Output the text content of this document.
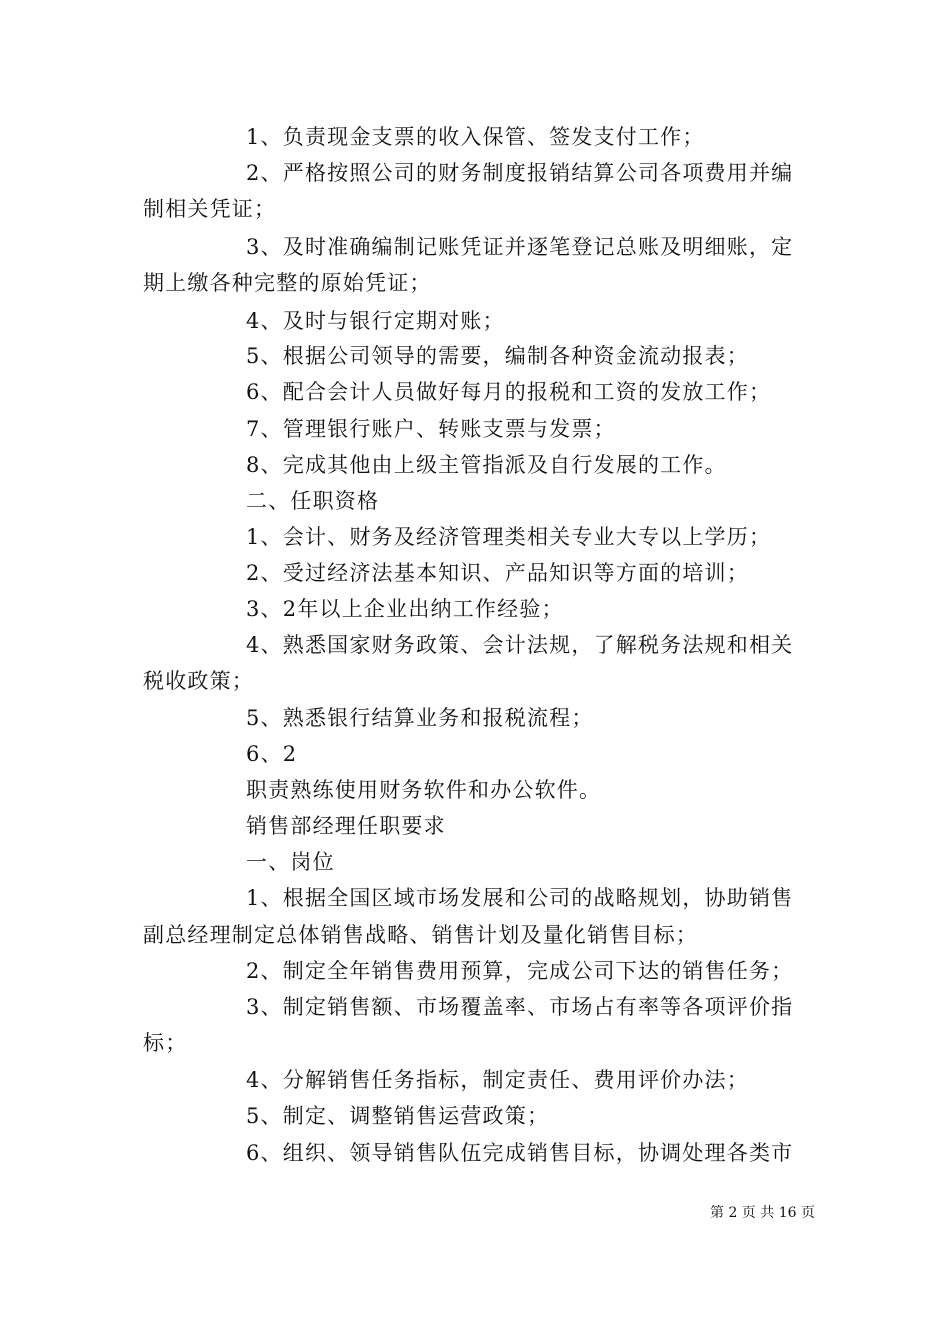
1、负责现金支票的收入保管、签发支付工作；
2、严格按照公司的财务制度报销结算公司各项费用并编
制相关凭证；
3、及时准确编制记账凭证并逐笔登记总账及明细账，定
期上缴各种完整的原始凭证；
4、及时与银行定期对账；
5、根据公司领导的需要，编制各种资金流动报表；
6、配合会计人员做好每月的报税和工资的发放工作；
7、管理银行账户、转账支票与发票；
8、完成其他由上级主管指派及自行发展的工作。
二、任职资格
1、会计、财务及经济管理类相关专业大专以上学历；
2、受过经济法基本知识、产品知识等方面的培训；
3、2年以上企业出纳工作经验；
4、熟悉国家财务政策、会计法规，了解税务法规和相关
税收政策；
5、熟悉银行结算业务和报税流程；
6、2
职责熟练使用财务软件和办公软件。
销售部经理任职要求
一、岗位
1、根据全国区域市场发展和公司的战略规划，协助销售
副总经理制定总体销售战略、销售计划及量化销售目标；
2、制定全年销售费用预算，完成公司下达的销售任务；
3、制定销售额、市场覆盖率、市场占有率等各项评价指
标；
4、分解销售任务指标，制定责任、费用评价办法；
5、制定、调整销售运营政策；
6、组织、领导销售队伍完成销售目标，协调处理各类市
第 2 页 共 16 页
